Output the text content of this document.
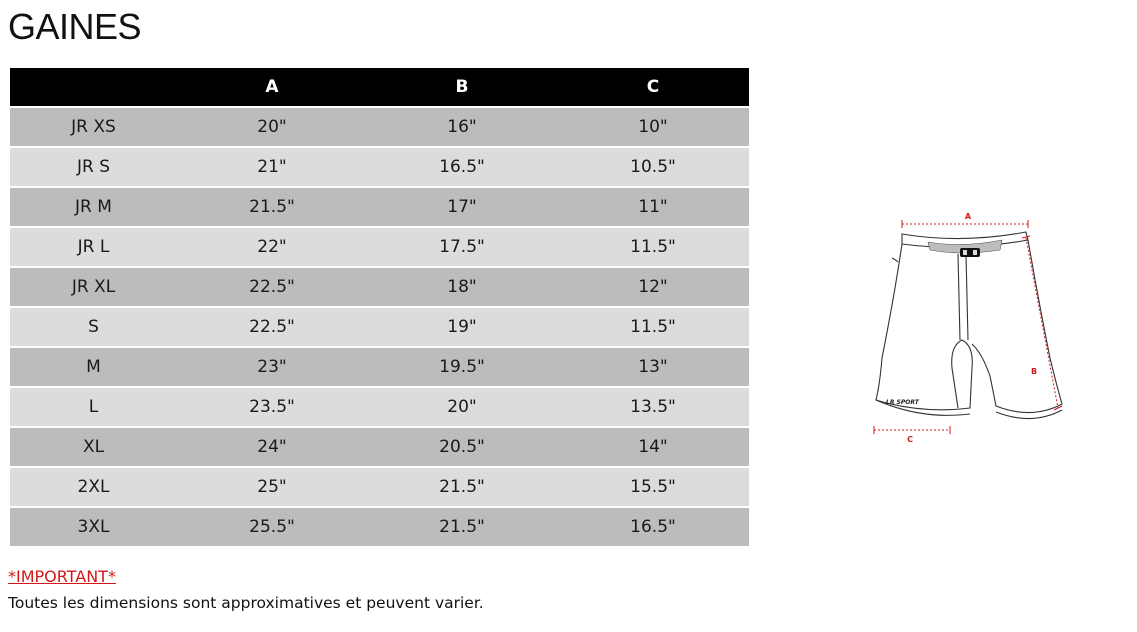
GAINES
	A	B	C
JR XS	20"	16"	10"
JR S	21"	16.5"	10.5"
JR M	21.5"	17"	11"
JR L	22"	17.5"	11.5"
JR XL	22.5"	18"	12"
S	22.5"	19"	11.5"
M	23"	19.5"	13"
L	23.5"	20"	13.5"
XL	24"	20.5"	14"
2XL	25"	21.5"	15.5"
3XL	25.5"	21.5"	16.5"
A
LR SPORT
B
C
*IMPORTANT*
Toutes les dimensions sont approximatives et peuvent varier.
